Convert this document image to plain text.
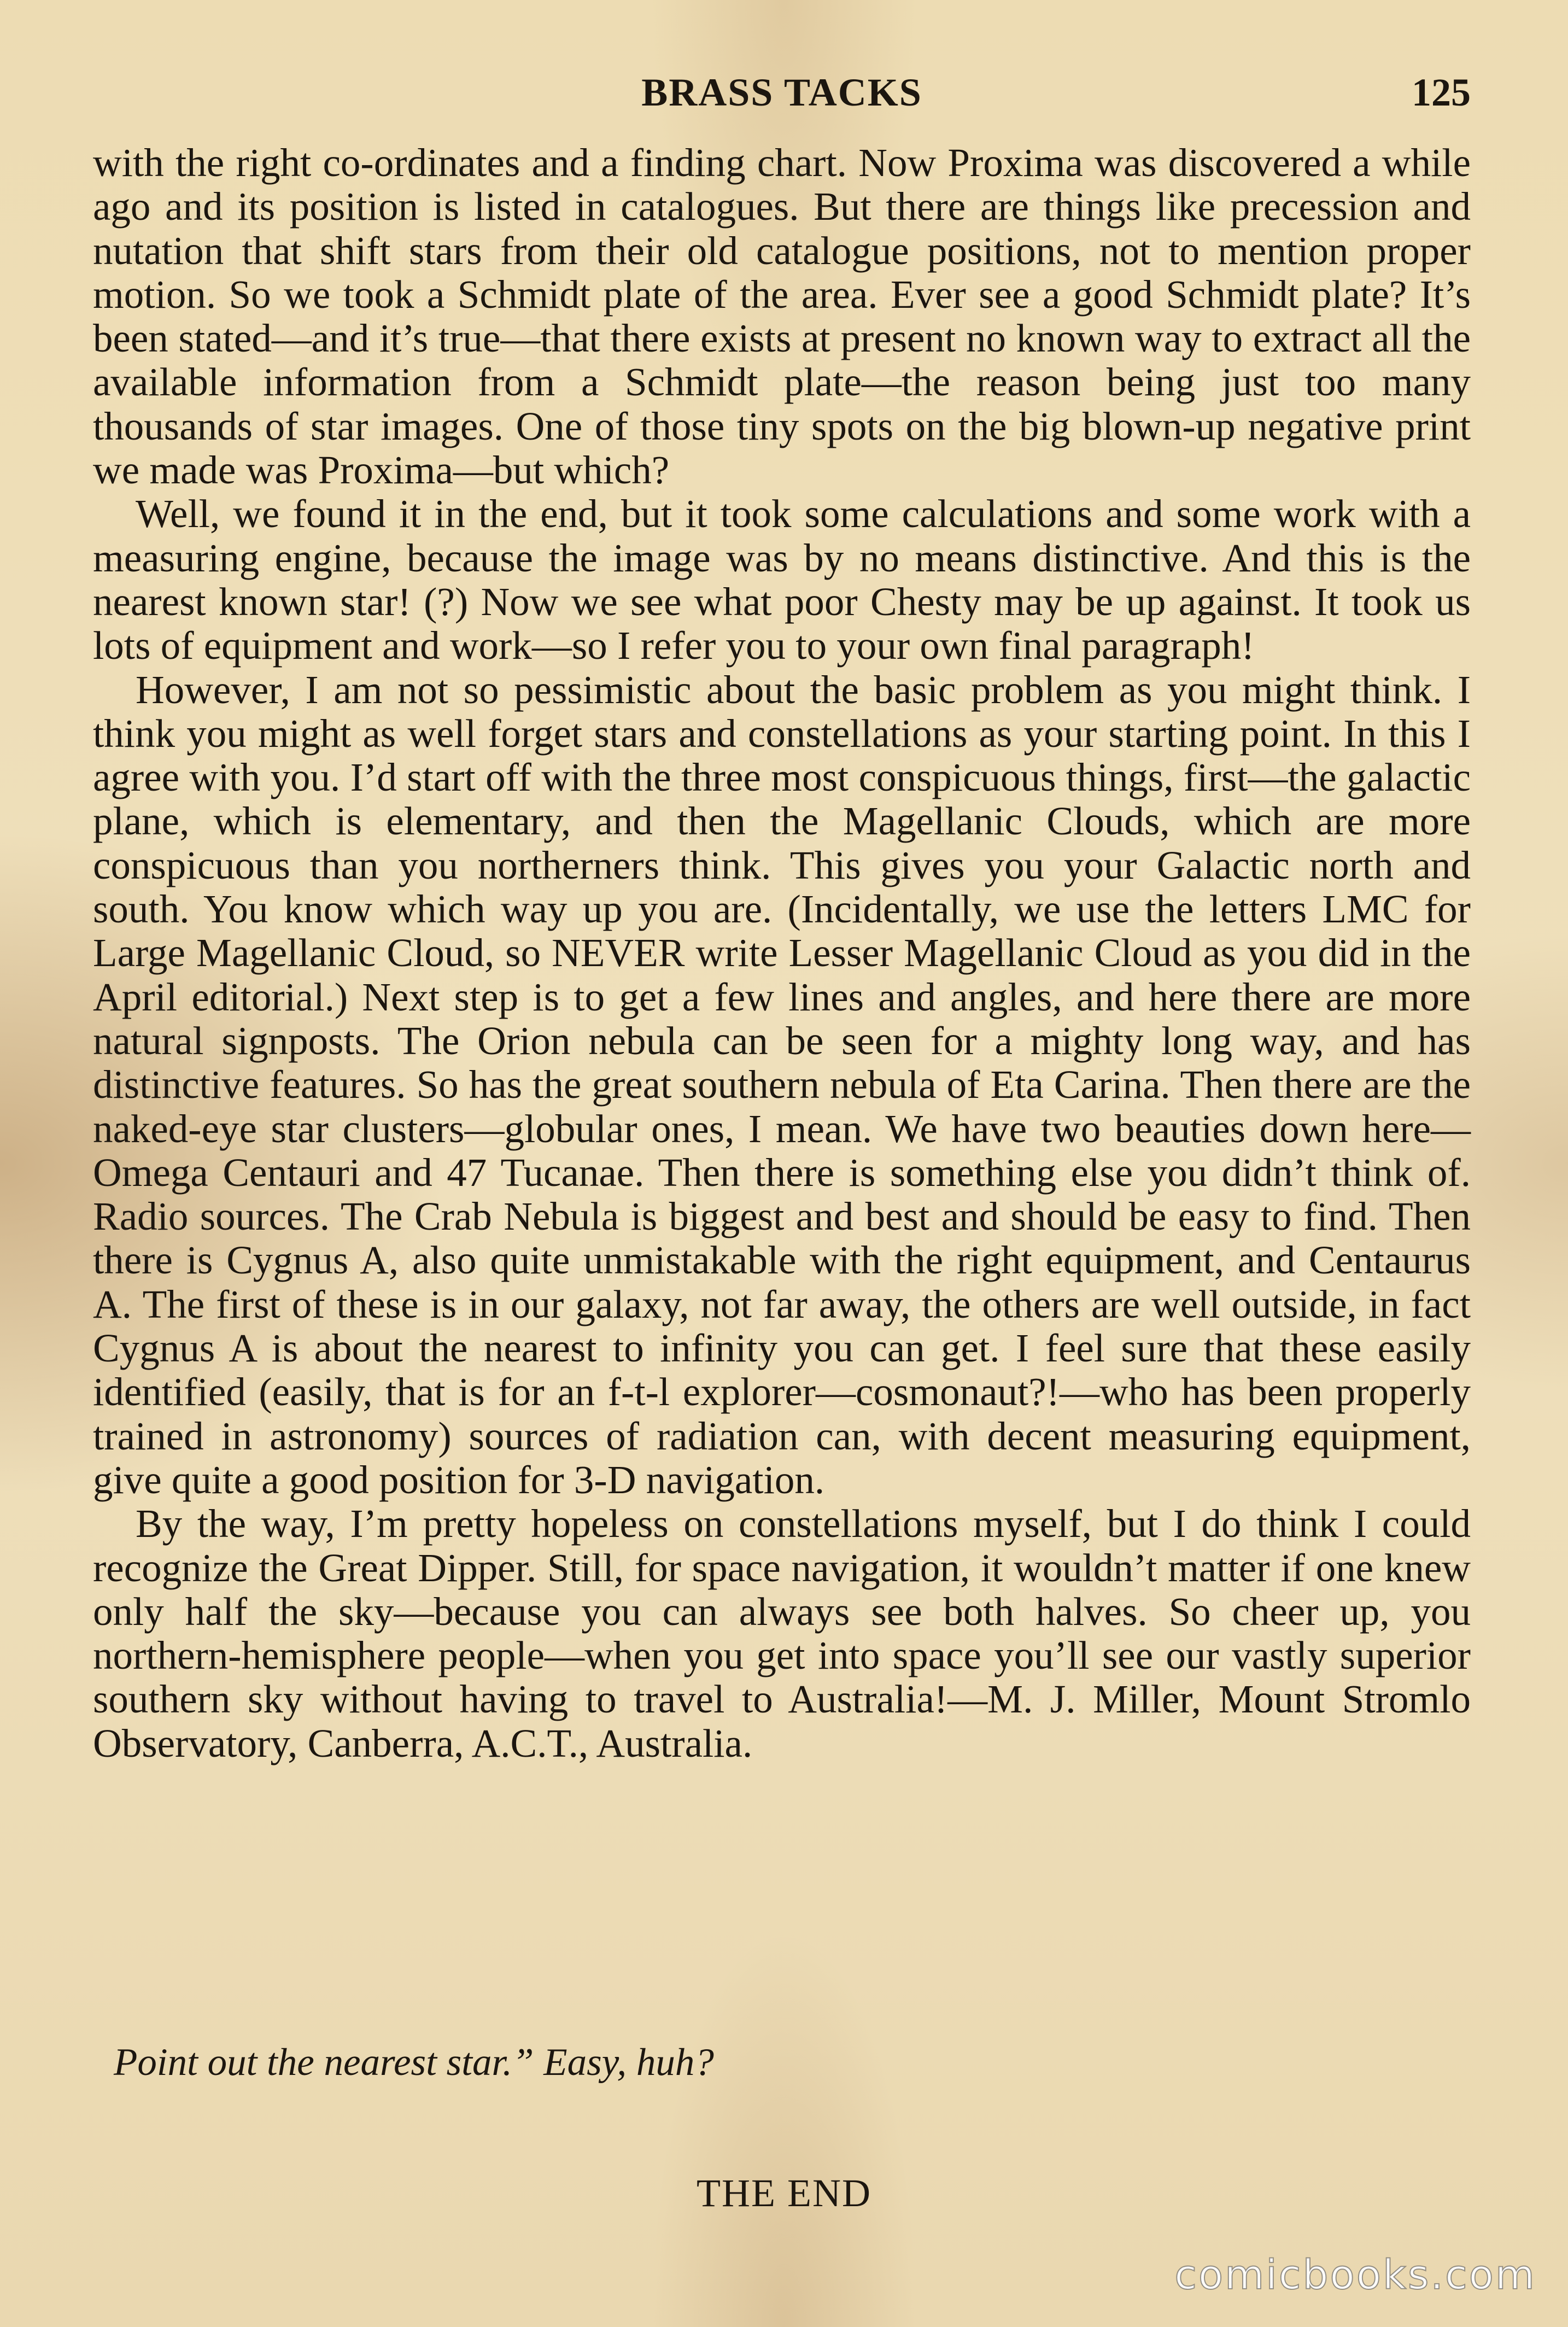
BRASS TACKS	125

with the right co-ordinates and a finding chart. Now Proxima was discovered a while ago and its position is listed in catalogues. But there are things like precession and nutation that shift stars from their old catalogue positions, not to mention proper motion. So we took a Schmidt plate of the area. Ever see a good Schmidt plate? It’s been stated—and it’s true—that there exists at present no known way to extract all the available information from a Schmidt plate—the reason being just too many thousands of star images. One of those tiny spots on the big blown-up negative print we made was Proxima—but which?

Well, we found it in the end, but it took some calculations and some work with a measuring engine, because the image was by no means distinctive. And this is the nearest known star! (?) Now we see what poor Chesty may be up against. It took us lots of equipment and work—so I refer you to your own final paragraph!

However, I am not so pessimistic about the basic problem as you might think. I think you might as well forget stars and constellations as your starting point. In this I agree with you. I’d start off with the three most conspicuous things, first—the galactic plane, which is elementary, and then the Magellanic Clouds, which are more conspicuous than you northerners think. This gives you your Galactic north and south. You know which way up you are. (Incidentally, we use the letters LMC for Large Magellanic Cloud, so NEVER write Lesser Magellanic Cloud as you did in the April editorial.) Next step is to get a few lines and angles, and here there are more natural signposts. The Orion nebula can be seen for a mighty long way, and has distinctive features. So has the great southern nebula of Eta Carina. Then there are the naked-eye star clusters—globular ones, I mean. We have two beauties down here—Omega Centauri and 47 Tucanae. Then there is something else you didn’t think of. Radio sources. The Crab Nebula is biggest and best and should be easy to find. Then there is Cygnus A, also quite unmistakable with the right equipment, and Centaurus A. The first of these is in our galaxy, not far away, the others are well outside, in fact Cygnus A is about the nearest to infinity you can get. I feel sure that these easily identified (easily, that is for an f-t-l explorer—cosmonaut?!—who has been properly trained in astronomy) sources of radiation can, with decent measuring equipment, give quite a good position for 3-D navigation.

By the way, I’m pretty hopeless on constellations myself, but I do think I could recognize the Great Dipper. Still, for space navigation, it wouldn’t matter if one knew only half the sky—because you can always see both halves. So cheer up, you northern-hemisphere people—when you get into space you’ll see our vastly superior southern sky without having to travel to Australia!—M. J. Miller, Mount Stromlo Observatory, Canberra, A.C.T., Australia.

Point out the nearest star.” Easy, huh?
THE END
comicbooks.com
